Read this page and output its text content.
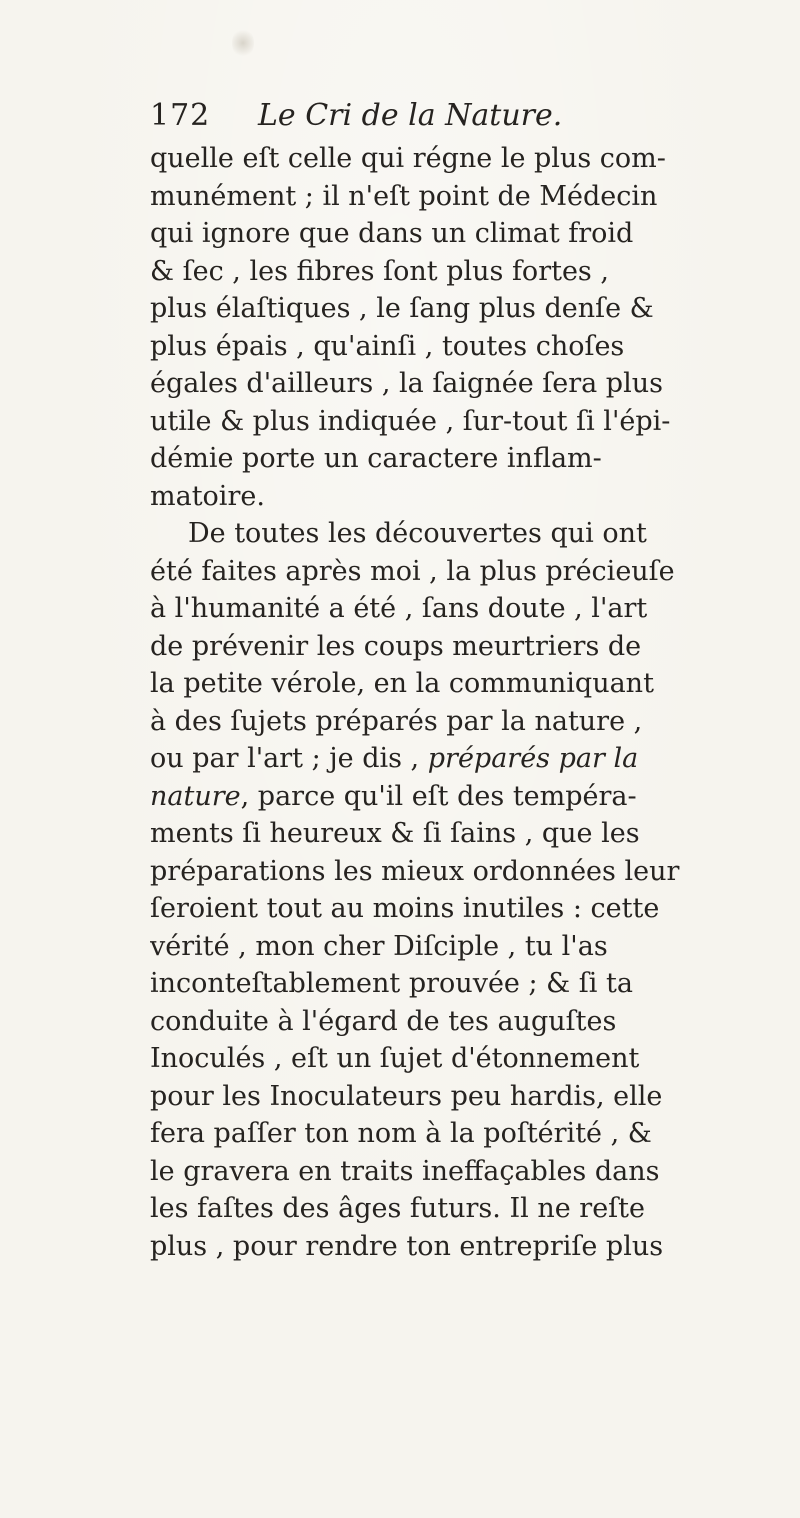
172 Le Cri de la Nature.
quelle eſt celle qui régne le plus com-
munément ; il n'eſt point de Médecin
qui ignore que dans un climat froid
& ſec , les fibres ſont plus fortes ,
plus élaſtiques , le ſang plus denſe &
plus épais , qu'ainſi , toutes choſes
égales d'ailleurs , la ſaignée ſera plus
utile & plus indiquée , ſur-tout ſi l'épi-
démie porte un caractere inflam-
matoire.
De toutes les découvertes qui ont
été faites après moi , la plus précieuſe
à l'humanité a été , ſans doute , l'art
de prévenir les coups meurtriers de
la petite vérole, en la communiquant
à des ſujets préparés par la nature ,
ou par l'art ; je dis , préparés par la
nature, parce qu'il eſt des tempéra-
ments ſi heureux & ſi ſains , que les
préparations les mieux ordonnées leur
ſeroient tout au moins inutiles : cette
vérité , mon cher Diſciple , tu l'as
inconteſtablement prouvée ; & ſi ta
conduite à l'égard de tes auguſtes
Inoculés , eſt un ſujet d'étonnement
pour les Inoculateurs peu hardis, elle
fera paſſer ton nom à la poſtérité , &
le gravera en traits ineffaçables dans
les faſtes des âges futurs. Il ne reſte
plus , pour rendre ton entrepriſe plus
